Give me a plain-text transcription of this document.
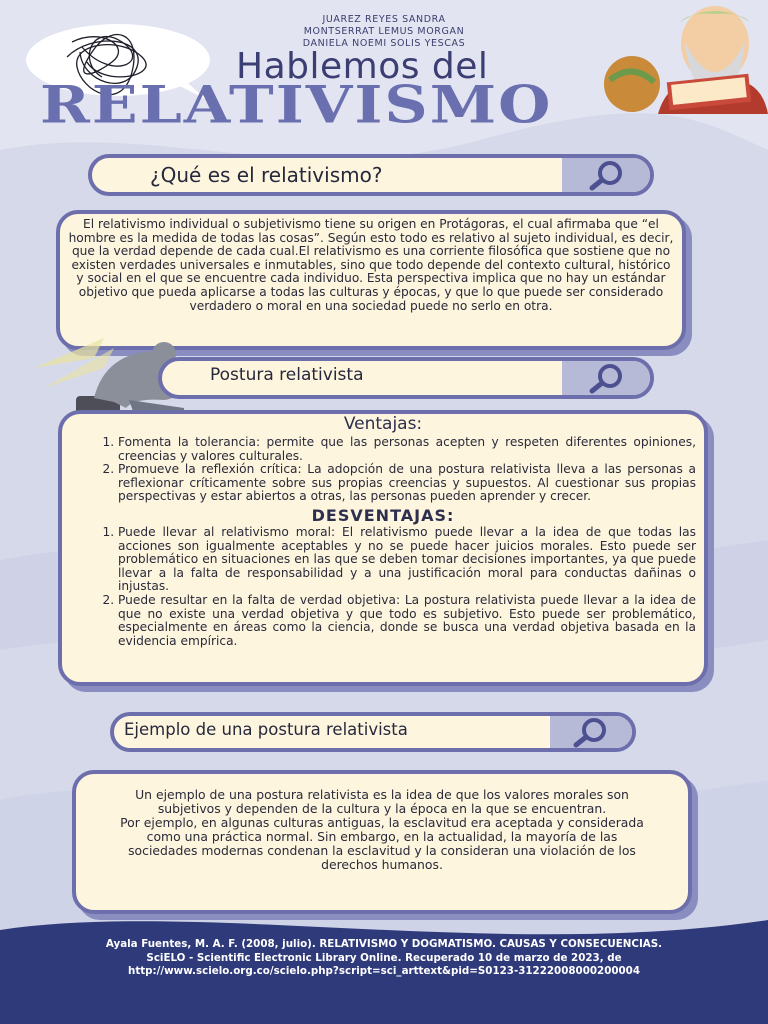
JUAREZ REYES SANDRA
MONTSERRAT LEMUS MORGAN
DANIELA NOEMI SOLIS YESCAS
Hablemos del
RELATIVISMO
¿Qué es el relativismo?
El relativismo individual o subjetivismo tiene su origen en Protágoras, el cual afirmaba que “el hombre es la medida de todas las cosas”. Según esto todo es relativo al sujeto individual, es decir, que la verdad depende de cada cual.El relativismo es una corriente filosófica que sostiene que no existen verdades universales e inmutables, sino que todo depende del contexto cultural, histórico y social en el que se encuentre cada individuo. Esta perspectiva implica que no hay un estándar objetivo que pueda aplicarse a todas las culturas y épocas, y que lo que puede ser considerado verdadero o moral en una sociedad puede no serlo en otra.
Postura relativista
Ventajas:
1. Fomenta la tolerancia: permite que las personas acepten y respeten diferentes opiniones, creencias y valores culturales.
2. Promueve la reflexión crítica: La adopción de una postura relativista lleva a las personas a reflexionar críticamente sobre sus propias creencias y supuestos. Al cuestionar sus propias perspectivas y estar abiertos a otras, las personas pueden aprender y crecer.
DESVENTAJAS:
1. Puede llevar al relativismo moral: El relativismo puede llevar a la idea de que todas las acciones son igualmente aceptables y no se puede hacer juicios morales. Esto puede ser problemático en situaciones en las que se deben tomar decisiones importantes, ya que puede llevar a la falta de responsabilidad y a una justificación moral para conductas dañinas o injustas.
2. Puede resultar en la falta de verdad objetiva: La postura relativista puede llevar a la idea de que no existe una verdad objetiva y que todo es subjetivo. Esto puede ser problemático, especialmente en áreas como la ciencia, donde se busca una verdad objetiva basada en la evidencia empírica.
Ejemplo de una postura relativista
Un ejemplo de una postura relativista es la idea de que los valores morales son subjetivos y dependen de la cultura y la época en la que se encuentran.
Por ejemplo, en algunas culturas antiguas, la esclavitud era aceptada y considerada como una práctica normal. Sin embargo, en la actualidad, la mayoría de las sociedades modernas condenan la esclavitud y la consideran una violación de los derechos humanos.
Ayala Fuentes, M. A. F. (2008, julio). RELATIVISMO Y DOGMATISMO. CAUSAS Y CONSECUENCIAS.
SciELO - Scientific Electronic Library Online. Recuperado 10 de marzo de 2023, de
http://www.scielo.org.co/scielo.php?script=sci_arttext&pid=S0123-31222008000200004
